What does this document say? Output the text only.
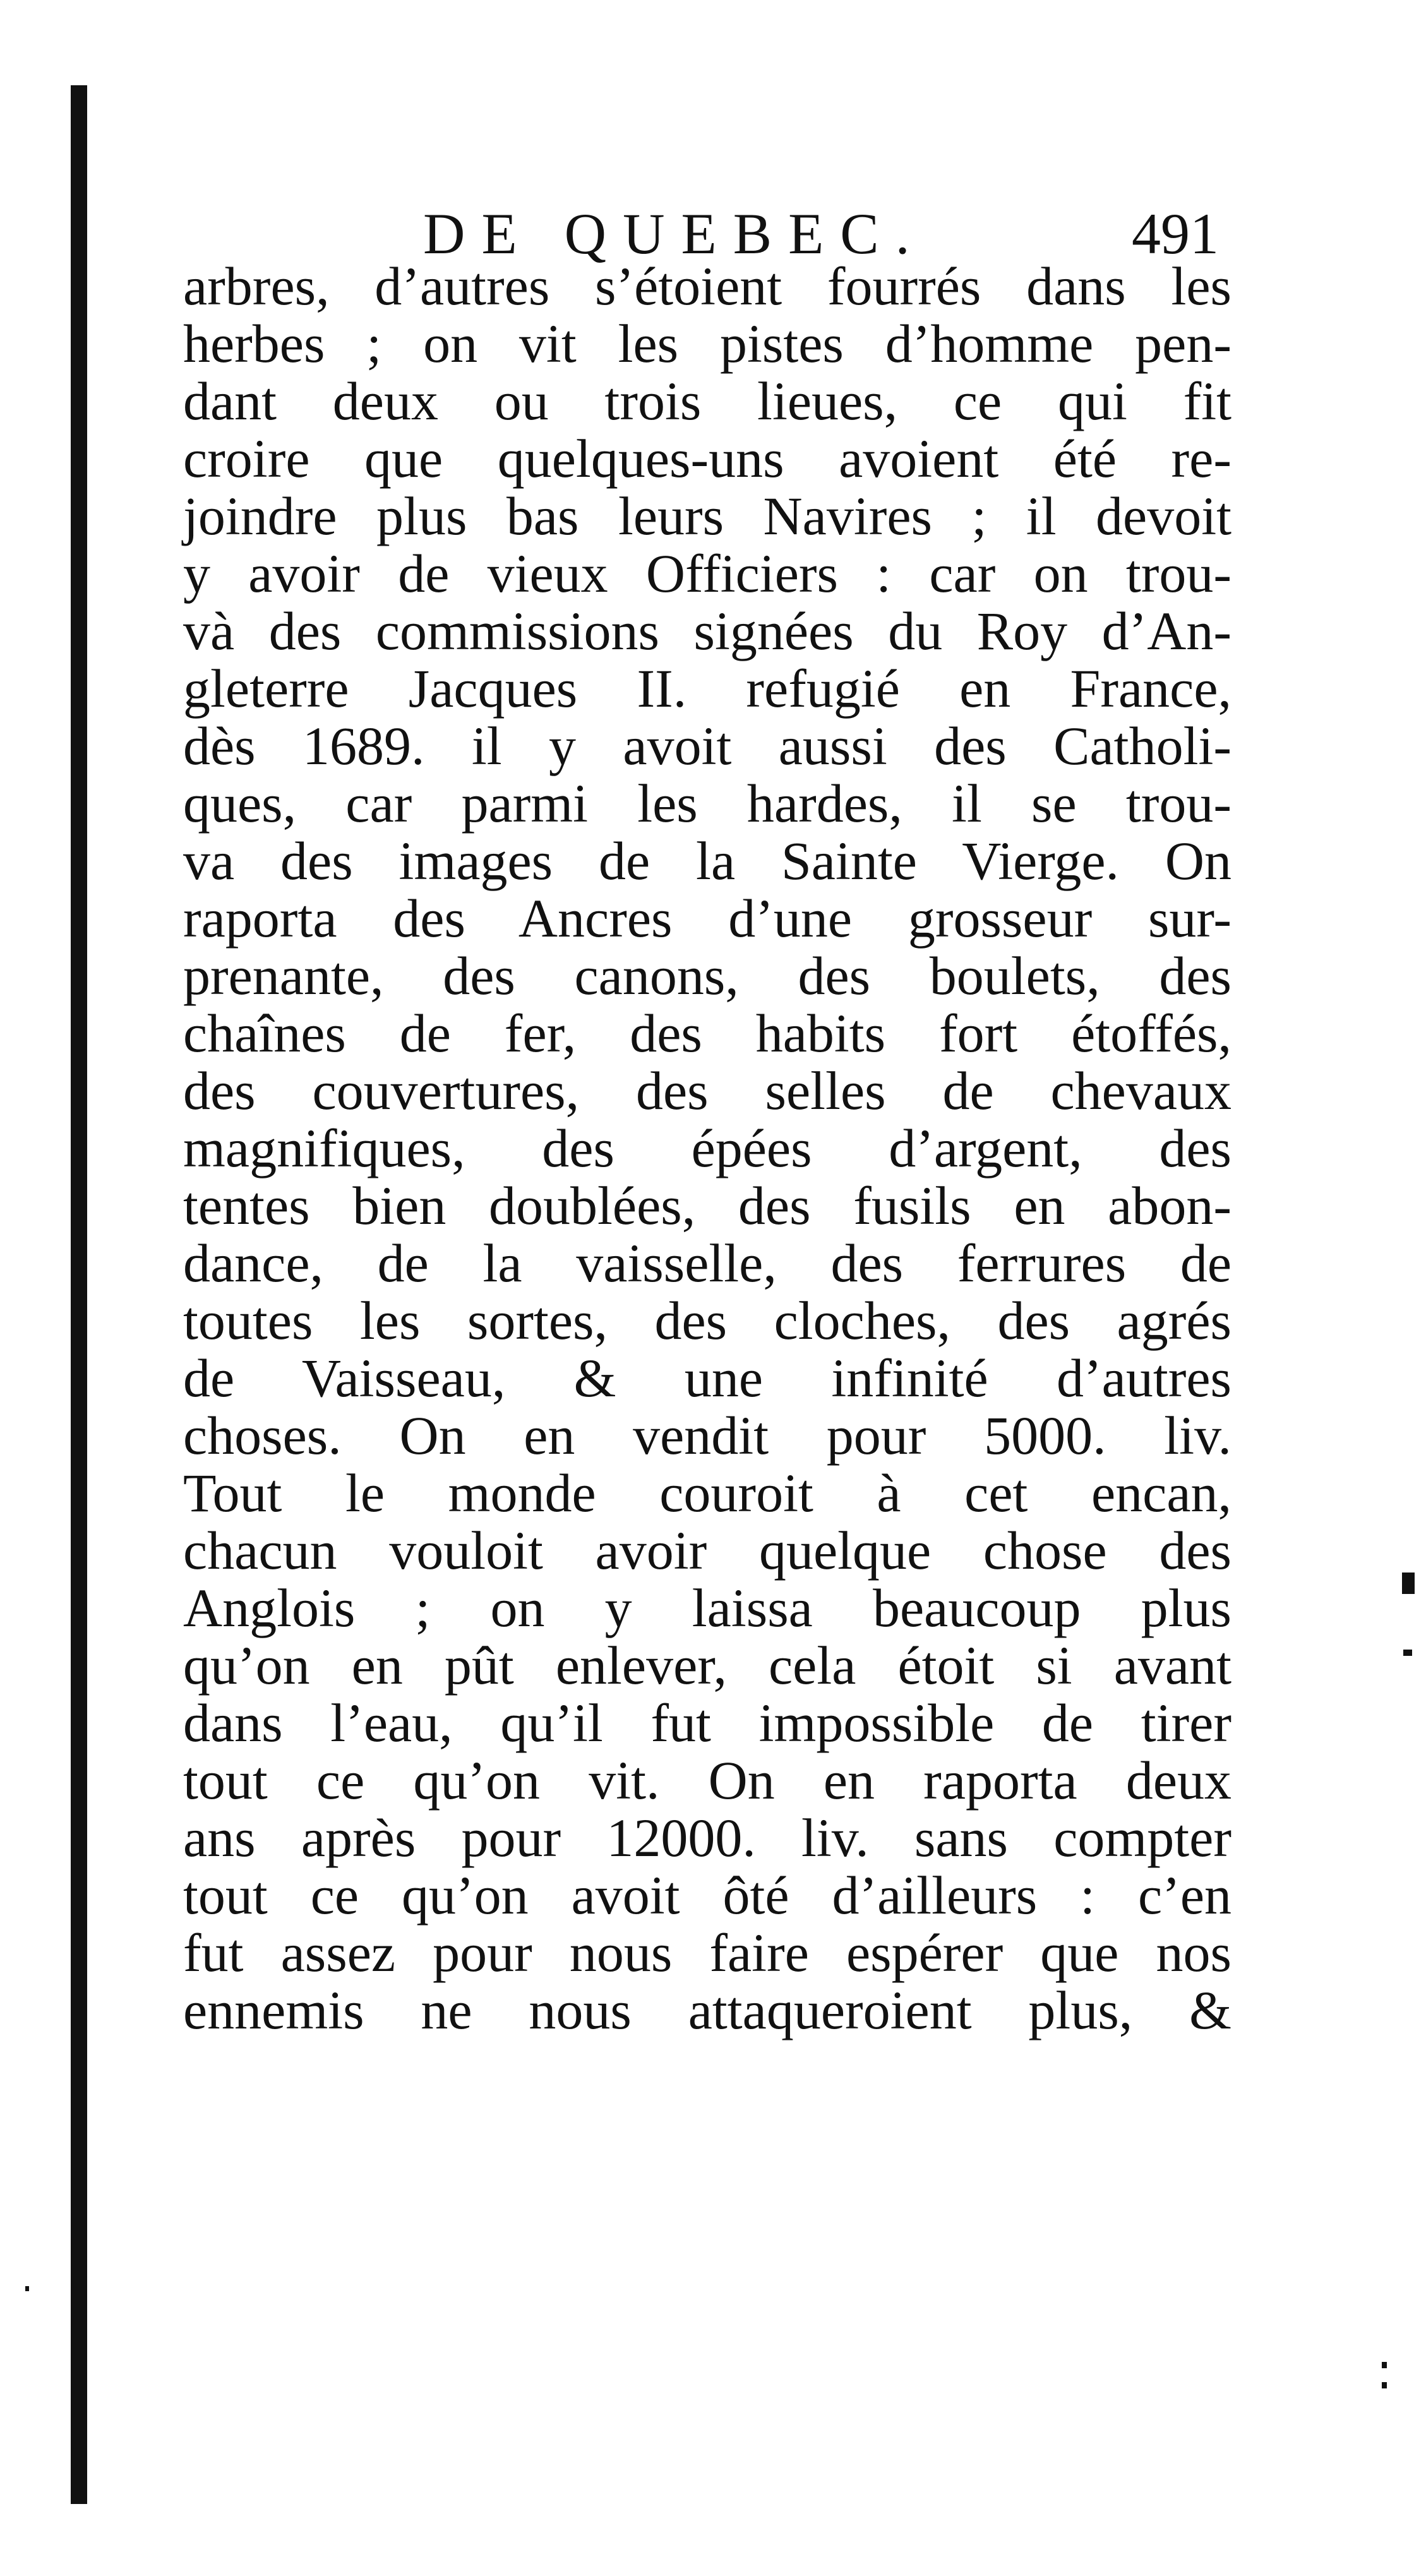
DE QUEBEC.	491
arbres, d’autres s’étoient fourrés dans les
herbes ; on vit les pistes d’homme pen-
dant deux ou trois lieues, ce qui fit
croire que quelques-uns avoient été re-
joindre plus bas leurs Navires ; il devoit
y avoir de vieux Officiers : car on trou-
và des commissions signées du Roy d’An-
gleterre Jacques II. refugié en France,
dès 1689. il y avoit aussi des Catholi-
ques, car parmi les hardes, il se trou-
va des images de la Sainte Vierge. On
raporta des Ancres d’une grosseur sur-
prenante, des canons, des boulets, des
chaînes de fer, des habits fort étoffés,
des couvertures, des selles de chevaux
magnifiques, des épées d’argent, des
tentes bien doublées, des fusils en abon-
dance, de la vaisselle, des ferrures de
toutes les sortes, des cloches, des agrés
de Vaisseau, & une infinité d’autres
choses. On en vendit pour 5000. liv.
Tout le monde couroit à cet encan,
chacun vouloit avoir quelque chose des
Anglois ; on y laissa beaucoup plus
qu’on en pût enlever, cela étoit si avant
dans l’eau, qu’il fut impossible de tirer
tout ce qu’on vit. On en raporta deux
ans après pour 12000. liv. sans compter
tout ce qu’on avoit ôté d’ailleurs : c’en
fut assez pour nous faire espérer que nos
ennemis ne nous attaqueroient plus, &
